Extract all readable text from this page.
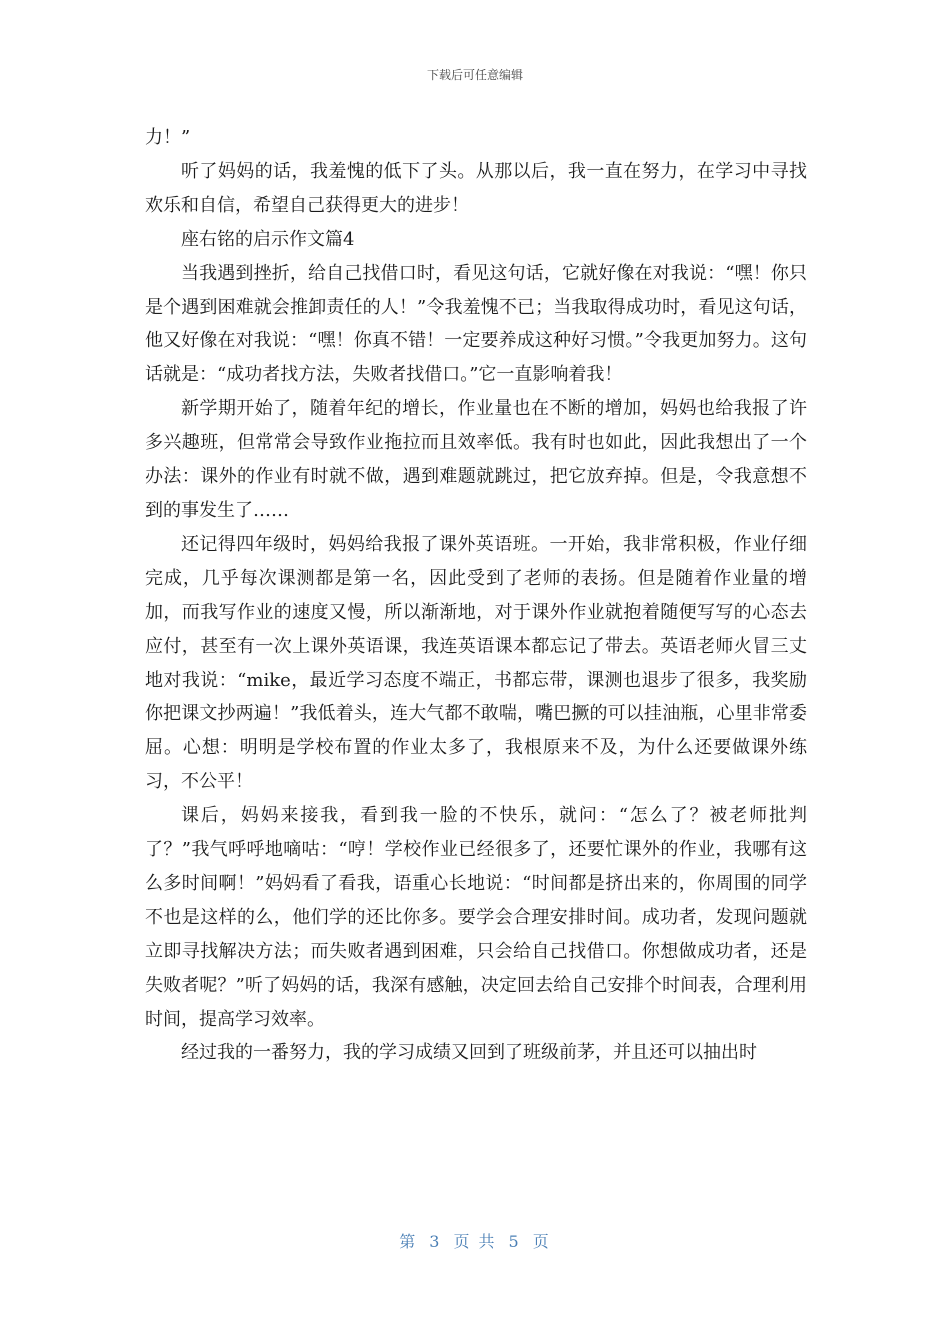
下载后可任意编辑

力！”

听了妈妈的话，我羞愧的低下了头。从那以后，我一直在努力，在学习中寻找欢乐和自信，希望自己获得更大的进步！

座右铭的启示作文篇4

当我遇到挫折，给自己找借口时，看见这句话，它就好像在对我说：“嘿！你只是个遇到困难就会推卸责任的人！”令我羞愧不已；当我取得成功时，看见这句话，他又好像在对我说：“嘿！你真不错！一定要养成这种好习惯。”令我更加努力。这句话就是：“成功者找方法，失败者找借口。”它一直影响着我！

新学期开始了，随着年纪的增长，作业量也在不断的增加，妈妈也给我报了许多兴趣班，但常常会导致作业拖拉而且效率低。我有时也如此，因此我想出了一个办法：课外的作业有时就不做，遇到难题就跳过，把它放弃掉。但是，令我意想不到的事发生了……

还记得四年级时，妈妈给我报了课外英语班。一开始，我非常积极，作业仔细完成，几乎每次课测都是第一名，因此受到了老师的表扬。但是随着作业量的增加，而我写作业的速度又慢，所以渐渐地，对于课外作业就抱着随便写写的心态去应付，甚至有一次上课外英语课，我连英语课本都忘记了带去。英语老师火冒三丈地对我说：“mike，最近学习态度不端正，书都忘带，课测也退步了很多，我奖励你把课文抄两遍！”我低着头，连大气都不敢喘，嘴巴撅的可以挂油瓶，心里非常委屈。心想：明明是学校布置的作业太多了，我根原来不及，为什么还要做课外练习，不公平！

课后，妈妈来接我，看到我一脸的不快乐，就问：“怎么了？被老师批判了？”我气呼呼地嘀咕：“哼！学校作业已经很多了，还要忙课外的作业，我哪有这么多时间啊！”妈妈看了看我，语重心长地说：“时间都是挤出来的，你周围的同学不也是这样的么，他们学的还比你多。要学会合理安排时间。成功者，发现问题就立即寻找解决方法；而失败者遇到困难，只会给自己找借口。你想做成功者，还是失败者呢？”听了妈妈的话，我深有感触，决定回去给自己安排个时间表，合理利用时间，提高学习效率。

经过我的一番努力，我的学习成绩又回到了班级前茅，并且还可以抽出时

第 3 页 共 5 页
